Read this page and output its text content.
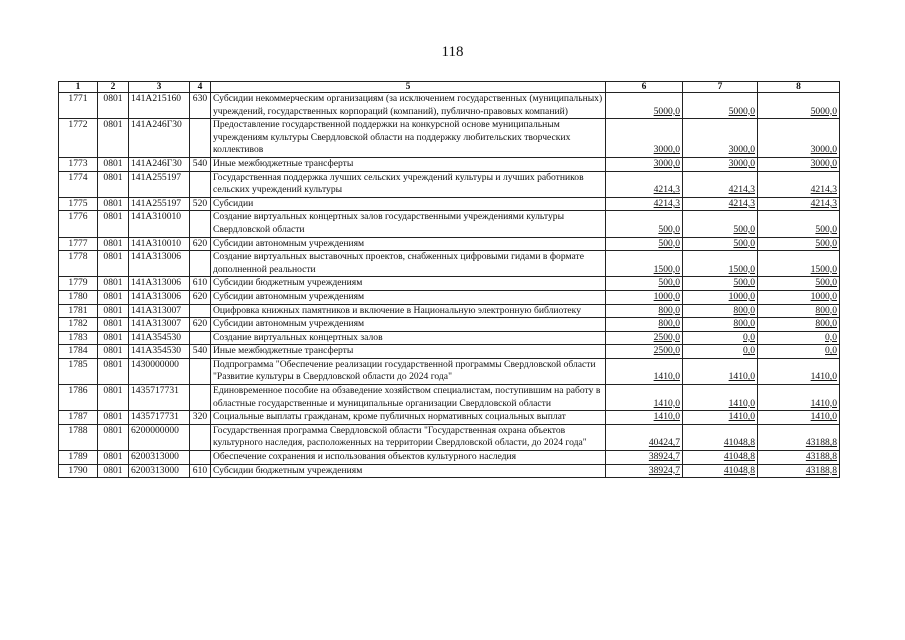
118
1	2	3	4	5	6	7	8
1771	0801	141A215160	630	Субсидии некоммерческим организациям (за исключением государственных (муниципальных) учреждений, государственных корпораций (компаний), публично-правовых компаний)	5000,0	5000,0	5000,0
1772	0801	141A246Г30		Предоставление государственной поддержки на конкурсной основе муниципальным учреждениям культуры Свердловской области на поддержку любительских творческих коллективов	3000,0	3000,0	3000,0
1773	0801	141A246Г30	540	Иные межбюджетные трансферты	3000,0	3000,0	3000,0
1774	0801	141A255197		Государственная поддержка лучших сельских учреждений культуры и лучших работников сельских учреждений культуры	4214,3	4214,3	4214,3
1775	0801	141A255197	520	Субсидии	4214,3	4214,3	4214,3
1776	0801	141A310010		Создание виртуальных концертных залов государственными учреждениями культуры Свердловской области	500,0	500,0	500,0
1777	0801	141A310010	620	Субсидии автономным учреждениям	500,0	500,0	500,0
1778	0801	141A313006		Создание виртуальных выставочных проектов, снабженных цифровыми гидами в формате дополненной реальности	1500,0	1500,0	1500,0
1779	0801	141A313006	610	Субсидии бюджетным учреждениям	500,0	500,0	500,0
1780	0801	141A313006	620	Субсидии автономным учреждениям	1000,0	1000,0	1000,0
1781	0801	141A313007		Оцифровка книжных памятников и включение в Национальную электронную библиотеку	800,0	800,0	800,0
1782	0801	141A313007	620	Субсидии автономным учреждениям	800,0	800,0	800,0
1783	0801	141A354530		Создание виртуальных концертных залов	2500,0	0,0	0,0
1784	0801	141A354530	540	Иные межбюджетные трансферты	2500,0	0,0	0,0
1785	0801	1430000000		Подпрограмма "Обеспечение реализации государственной программы Свердловской области "Развитие культуры в Свердловской области до 2024 года"	1410,0	1410,0	1410,0
1786	0801	1435717731		Единовременное пособие на обзаведение хозяйством специалистам, поступившим на работу в областные государственные и муниципальные организации Свердловской области	1410,0	1410,0	1410,0
1787	0801	1435717731	320	Социальные выплаты гражданам, кроме публичных нормативных социальных выплат	1410,0	1410,0	1410,0
1788	0801	6200000000		Государственная программа Свердловской области "Государственная охрана объектов культурного наследия, расположенных на территории Свердловской области, до 2024 года"	40424,7	41048,8	43188,8
1789	0801	6200313000		Обеспечение сохранения и использования объектов культурного наследия	38924,7	41048,8	43188,8
1790	0801	6200313000	610	Субсидии бюджетным учреждениям	38924,7	41048,8	43188,8
